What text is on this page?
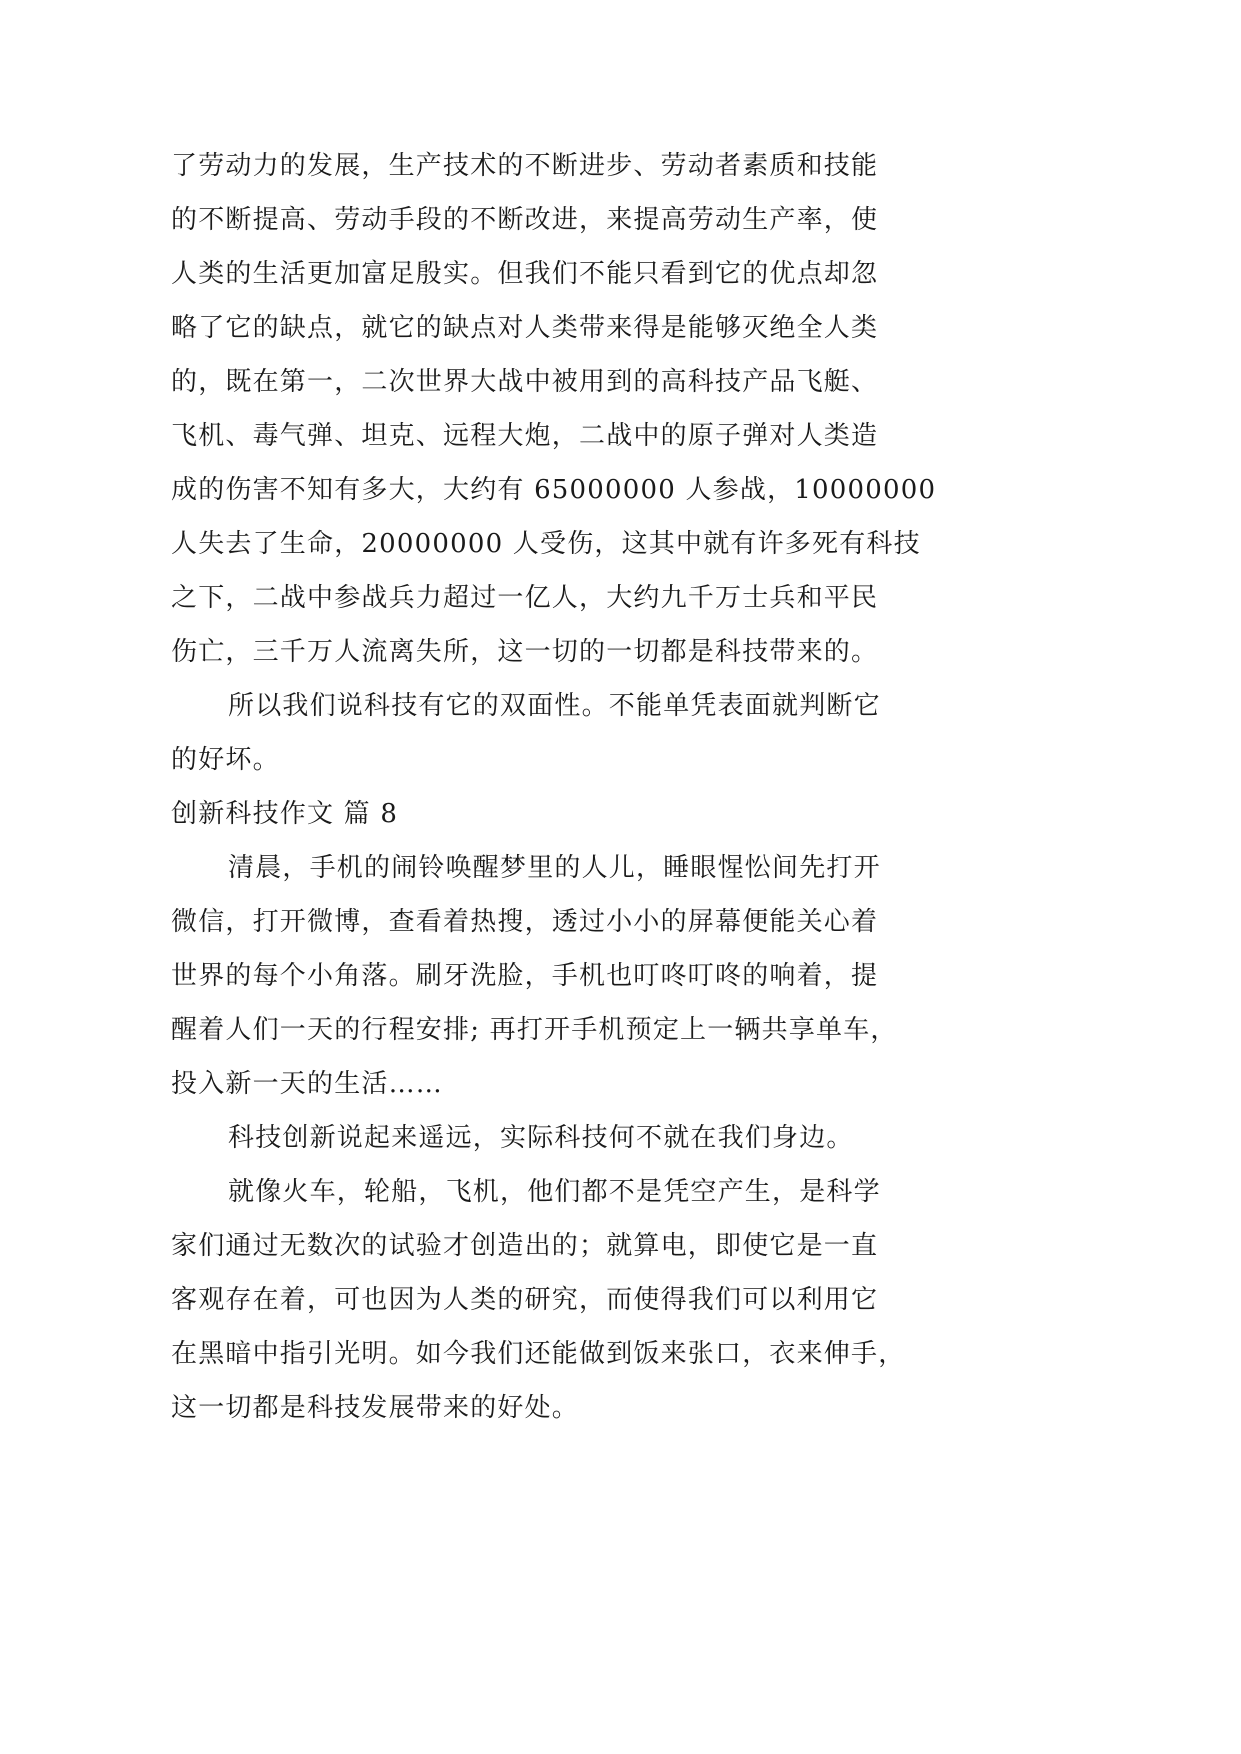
了劳动力的发展，生产技术的不断进步、劳动者素质和技能
的不断提高、劳动手段的不断改进，来提高劳动生产率，使
人类的生活更加富足殷实。但我们不能只看到它的优点却忽
略了它的缺点，就它的缺点对人类带来得是能够灭绝全人类
的，既在第一，二次世界大战中被用到的高科技产品飞艇、
飞机、毒气弹、坦克、远程大炮，二战中的原子弹对人类造
成的伤害不知有多大，大约有 65000000 人参战，10000000
人失去了生命，20000000 人受伤，这其中就有许多死有科技
之下，二战中参战兵力超过一亿人，大约九千万士兵和平民
伤亡，三千万人流离失所，这一切的一切都是科技带来的。
所以我们说科技有它的双面性。不能单凭表面就判断它
的好坏。
创新科技作文 篇 8
清晨，手机的闹铃唤醒梦里的人儿，睡眼惺忪间先打开
微信，打开微博，查看着热搜，透过小小的屏幕便能关心着
世界的每个小角落。刷牙洗脸，手机也叮咚叮咚的响着，提
醒着人们一天的行程安排; 再打开手机预定上一辆共享单车，
投入新一天的生活……
科技创新说起来遥远，实际科技何不就在我们身边。
就像火车，轮船，飞机，他们都不是凭空产生，是科学
家们通过无数次的试验才创造出的；就算电，即使它是一直
客观存在着，可也因为人类的研究，而使得我们可以利用它
在黑暗中指引光明。如今我们还能做到饭来张口，衣来伸手，
这一切都是科技发展带来的好处。
